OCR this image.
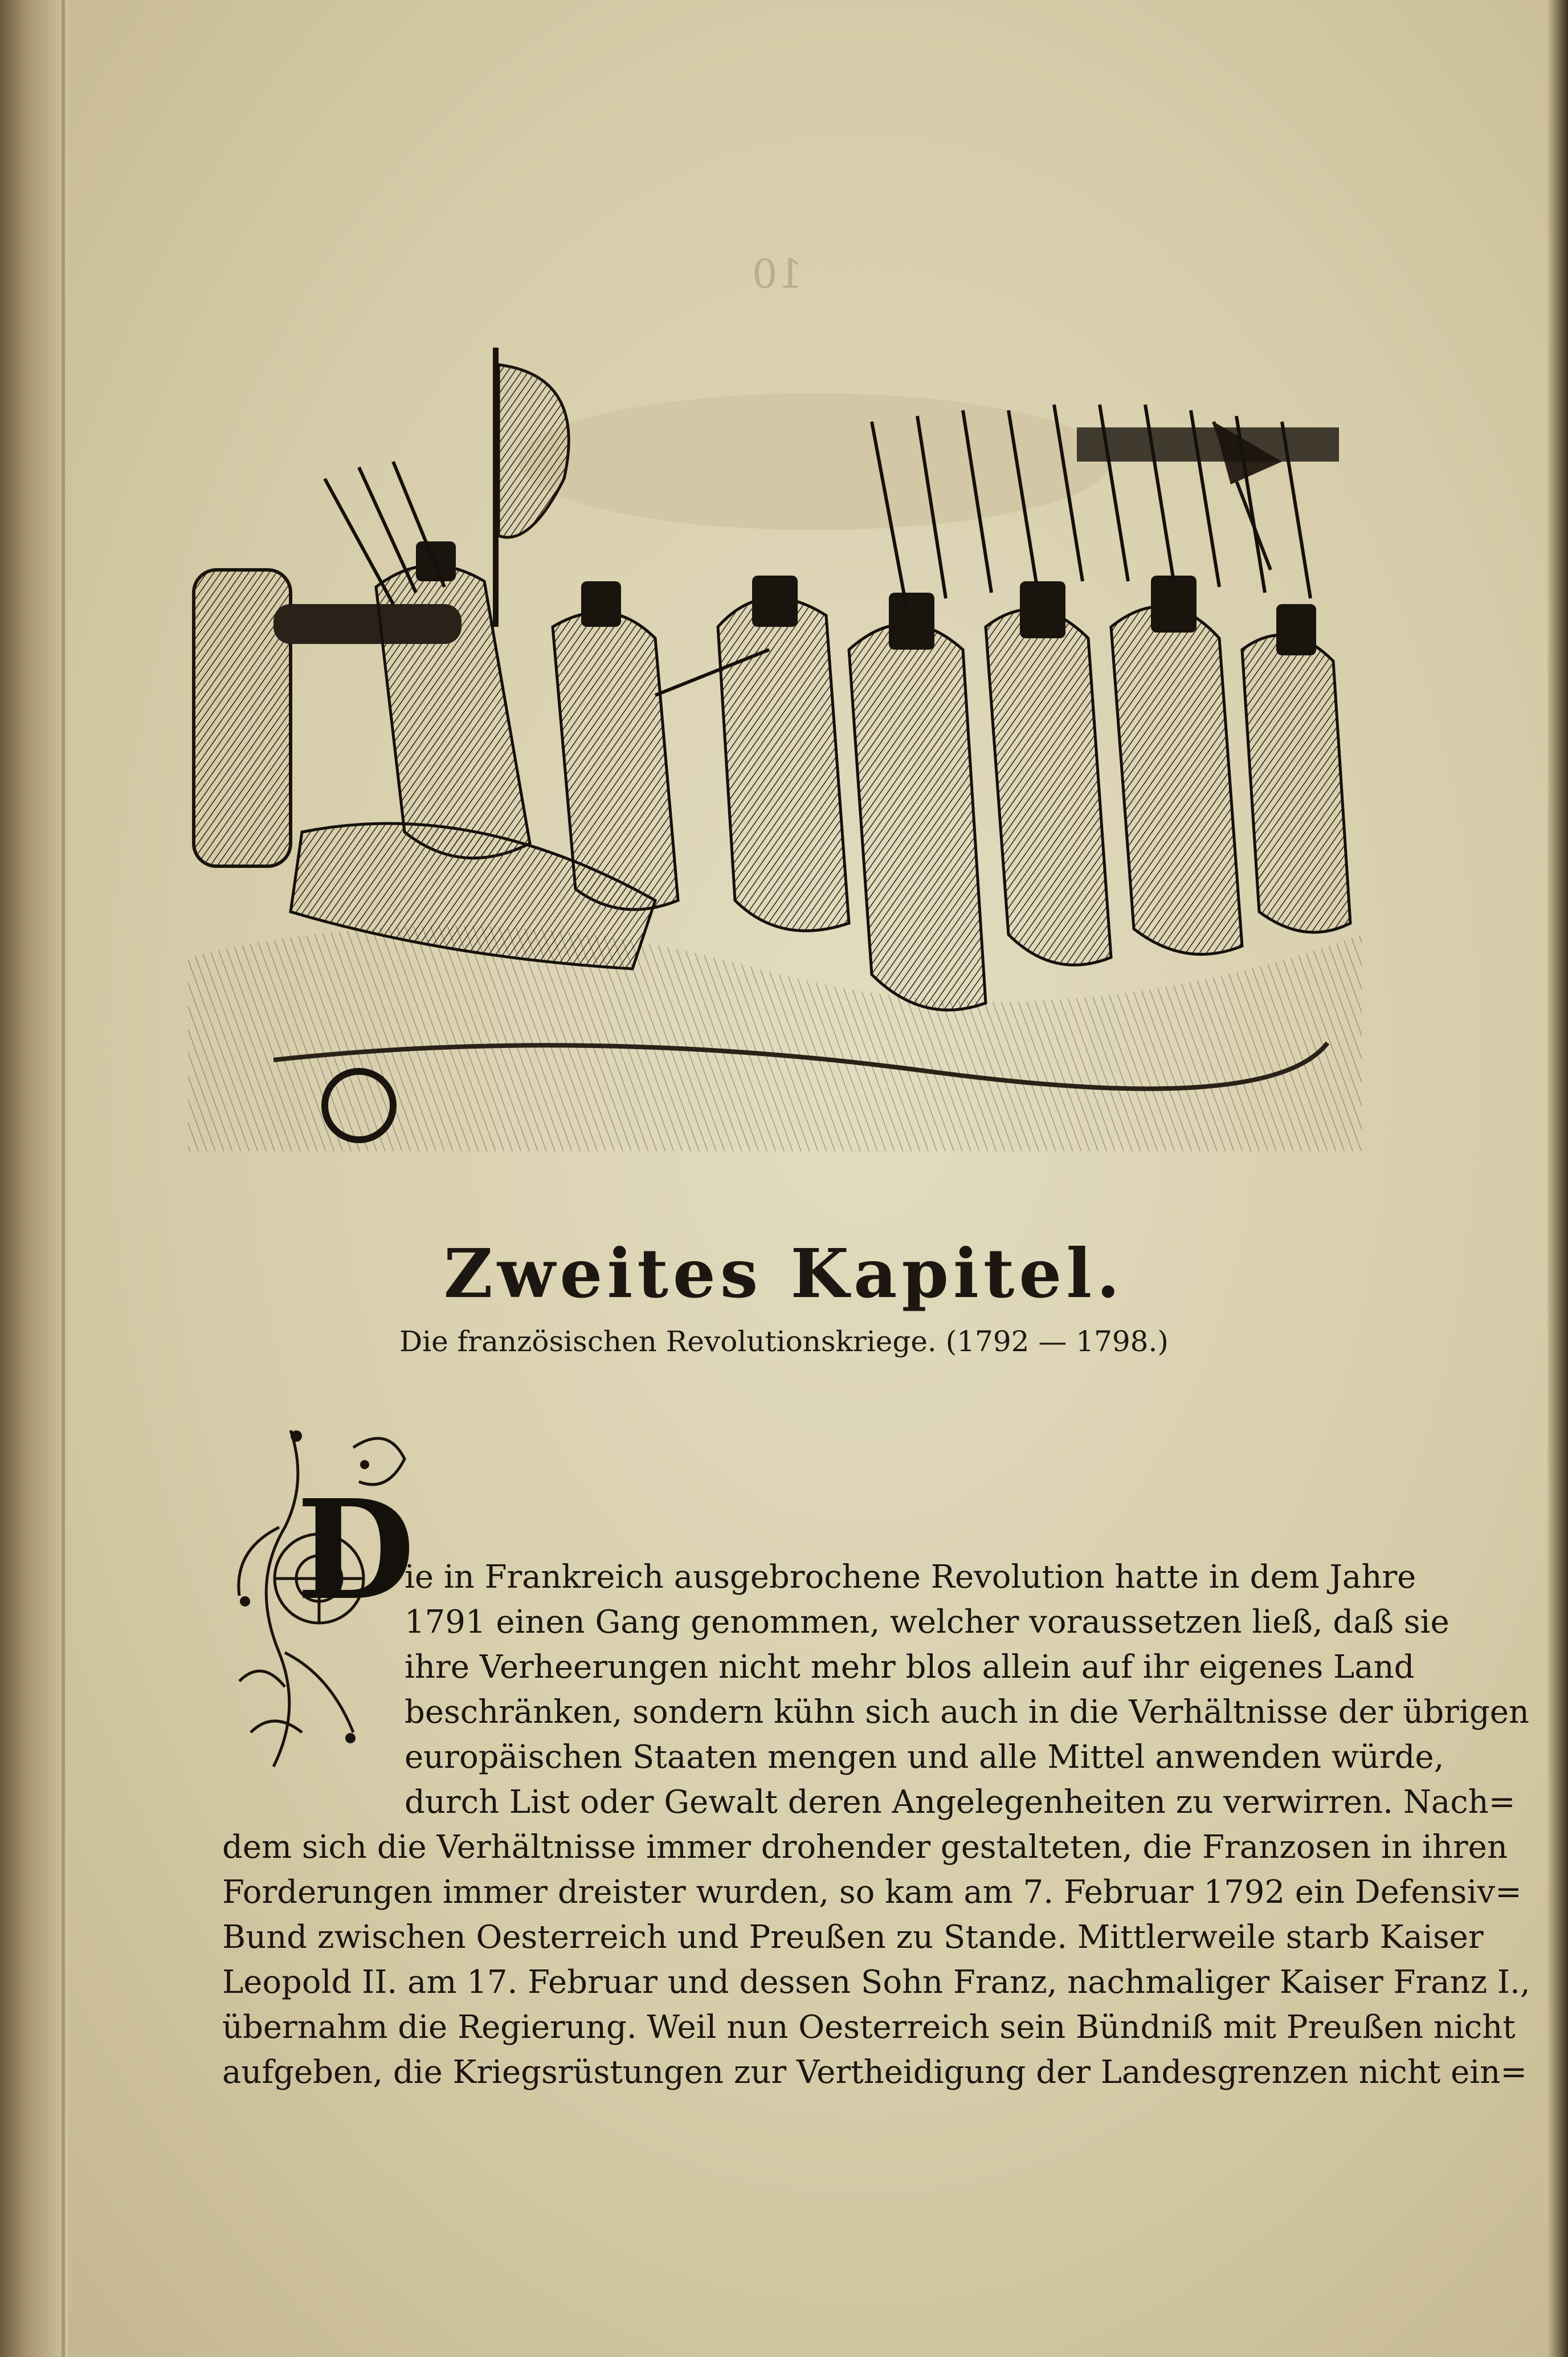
Zweites Kapitel.
Die französischen Revolutionskriege. (1792 — 1798.)
D
ie in Frankreich ausgebrochene Revolution hatte in dem Jahre
1791 einen Gang genommen, welcher voraussetzen ließ, daß sie
ihre Verheerungen nicht mehr blos allein auf ihr eigenes Land
beschränken, sondern kühn sich auch in die Verhältnisse der übrigen
europäischen Staaten mengen und alle Mittel anwenden würde,
durch List oder Gewalt deren Angelegenheiten zu verwirren. Nach=
dem sich die Verhältnisse immer drohender gestalteten, die Franzosen in ihren
Forderungen immer dreister wurden, so kam am 7. Februar 1792 ein Defensiv=
Bund zwischen Oesterreich und Preußen zu Stande. Mittlerweile starb Kaiser
Leopold II. am 17. Februar und dessen Sohn Franz, nachmaliger Kaiser Franz I.,
übernahm die Regierung. Weil nun Oesterreich sein Bündniß mit Preußen nicht
aufgeben, die Kriegsrüstungen zur Vertheidigung der Landesgrenzen nicht ein=
10
